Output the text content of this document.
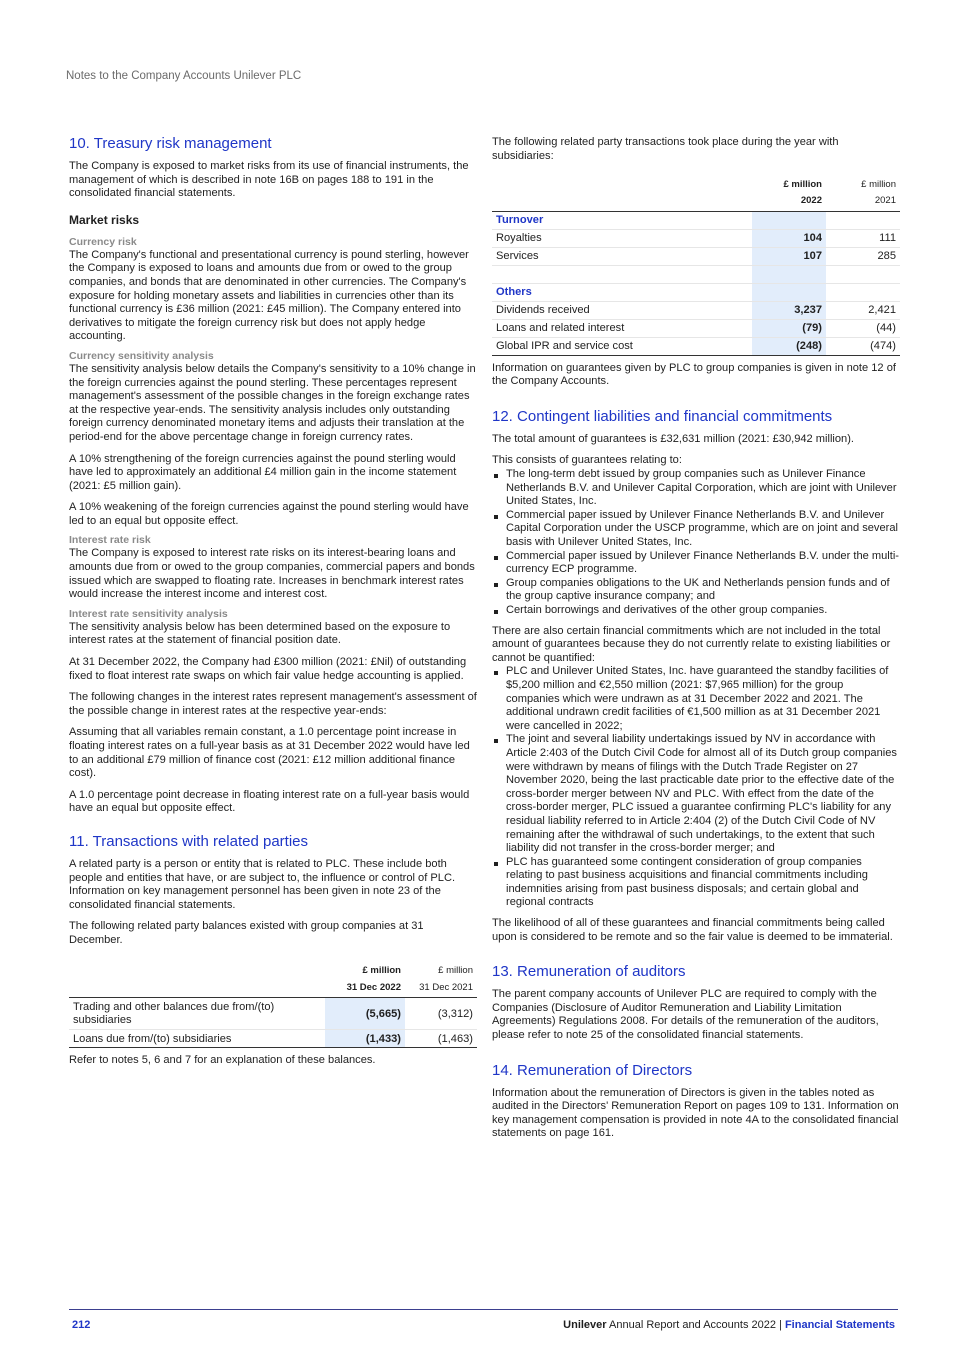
Notes to the Company Accounts Unilever PLC
10. Treasury risk management

The Company is exposed to market risks from its use of financial instruments, the management of which is described in note 16B on pages 188 to 191 in the consolidated financial statements.

Market risks
Currency risk

The Company's functional and presentational currency is pound sterling, however the Company is exposed to loans and amounts due from or owed to the group companies, and bonds that are denominated in other currencies. The Company's exposure for holding monetary assets and liabilities in currencies other than its functional currency is £36 million (2021: £45 million). The Company entered into derivatives to mitigate the foreign currency risk but does not apply hedge accounting.

Currency sensitivity analysis

The sensitivity analysis below details the Company's sensitivity to a 10% change in the foreign currencies against the pound sterling. These percentages represent management's assessment of the possible changes in the foreign exchange rates at the respective year-ends. The sensitivity analysis includes only outstanding foreign currency denominated monetary items and adjusts their translation at the period-end for the above percentage change in foreign currency rates.

A 10% strengthening of the foreign currencies against the pound sterling would have led to approximately an additional £4 million gain in the income statement (2021: £5 million gain).

A 10% weakening of the foreign currencies against the pound sterling would have led to an equal but opposite effect.

Interest rate risk

The Company is exposed to interest rate risks on its interest-bearing loans and amounts due from or owed to the group companies, commercial papers and bonds issued which are swapped to floating rate. Increases in benchmark interest rates would increase the interest income and interest cost.

Interest rate sensitivity analysis

The sensitivity analysis below has been determined based on the exposure to interest rates at the statement of financial position date.

At 31 December 2022, the Company had £300 million (2021: £Nil) of outstanding fixed to float interest rate swaps on which fair value hedge accounting is applied.

The following changes in the interest rates represent management's assessment of the possible change in interest rates at the respective year-ends:

Assuming that all variables remain constant, a 1.0 percentage point increase in floating interest rates on a full-year basis as at 31 December 2022 would have led to an additional £79 million of finance cost (2021: £12 million additional finance cost).

A 1.0 percentage point decrease in floating interest rate on a full-year basis would have an equal but opposite effect.

11. Transactions with related parties

A related party is a person or entity that is related to PLC. These include both people and entities that have, or are subject to, the influence or control of PLC. Information on key management personnel has been given in note 23 of the consolidated financial statements.

The following related party balances existed with group companies at 31 December.

	£ million	£ million
	31 Dec 2022	31 Dec 2021
Trading and other balances due from/(to) subsidiaries	(5,665)	(3,312)
Loans due from/(to) subsidiaries	(1,433)	(1,463)

Refer to notes 5, 6 and 7 for an explanation of these balances.

The following related party transactions took place during the year with subsidiaries:

	£ million	£ million
	2022	2021
Turnover		
Royalties	104	111
Services	107	285

Others		
Dividends received	3,237	2,421
Loans and related interest	(79)	(44)
Global IPR and service cost	(248)	(474)

Information on guarantees given by PLC to group companies is given in note 12 of the Company Accounts.

12. Contingent liabilities and financial commitments

The total amount of guarantees is £32,631 million (2021: £30,942 million).

This consists of guarantees relating to:

The long-term debt issued by group companies such as Unilever Finance Netherlands B.V. and Unilever Capital Corporation, which are joint with Unilever United States, Inc.
Commercial paper issued by Unilever Finance Netherlands B.V. and Unilever Capital Corporation under the USCP programme, which are on joint and several basis with Unilever United States, Inc.
Commercial paper issued by Unilever Finance Netherlands B.V. under the multi-currency ECP programme.
Group companies obligations to the UK and Netherlands pension funds and of the group captive insurance company; and
Certain borrowings and derivatives of the other group companies.

There are also certain financial commitments which are not included in the total amount of guarantees because they do not currently relate to existing liabilities or cannot be quantified:

PLC and Unilever United States, Inc. have guaranteed the standby facilities of $5,200 million and €2,550 million (2021: $7,965 million) for the group companies which were undrawn as at 31 December 2022 and 2021. The additional undrawn credit facilities of €1,500 million as at 31 December 2021 were cancelled in 2022;
The joint and several liability undertakings issued by NV in accordance with Article 2:403 of the Dutch Civil Code for almost all of its Dutch group companies were withdrawn by means of filings with the Dutch Trade Register on 27 November 2020, being the last practicable date prior to the effective date of the cross-border merger between NV and PLC. With effect from the date of the cross-border merger, PLC issued a guarantee confirming PLC's liability for any residual liability referred to in Article 2:404 (2) of the Dutch Civil Code of NV remaining after the withdrawal of such undertakings, to the extent that such liability did not transfer in the cross-border merger; and
PLC has guaranteed some contingent consideration of group companies relating to past business acquisitions and financial commitments including indemnities arising from past business disposals; and certain global and regional contracts

The likelihood of all of these guarantees and financial commitments being called upon is considered to be remote and so the fair value is deemed to be immaterial.

13. Remuneration of auditors

The parent company accounts of Unilever PLC are required to comply with the Companies (Disclosure of Auditor Remuneration and Liability Limitation Agreements) Regulations 2008. For details of the remuneration of the auditors, please refer to note 25 of the consolidated financial statements.

14. Remuneration of Directors

Information about the remuneration of Directors is given in the tables noted as audited in the Directors' Remuneration Report on pages 109 to 131. Information on key management compensation is provided in note 4A to the consolidated financial statements on page 161.

212	Unilever Annual Report and Accounts 2022 | Financial Statements
